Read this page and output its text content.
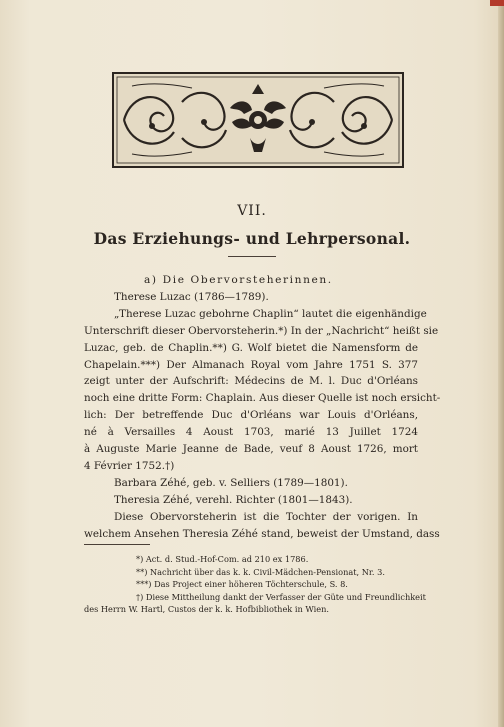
VII.
Das Erziehungs- und Lehrpersonal.
a) Die Obervorsteherinnen.
Therese Luzac (1786—1789).
„Therese Luzac gebohrne Chaplin“ lautet die eigenhändige
Unterschrift dieser Obervorsteherin.*) In der „Nachricht“ heißt sie
Luzac, geb. de Chaplin.**) G. Wolf bietet die Namensform de
Chapelain.***) Der Almanach Royal vom Jahre 1751 S. 377
zeigt unter der Aufschrift: Médecins de M. l. Duc d'Orléans
noch eine dritte Form: Chaplain. Aus dieser Quelle ist noch ersicht-
lich: Der betreffende Duc d'Orléans war Louis d'Orléans,
né à Versailles 4 Aoust 1703, marié 13 Juillet 1724
à Auguste Marie Jeanne de Bade, veuf 8 Aoust 1726, mort
4 Février 1752.†)
Barbara Zéhé, geb. v. Selliers (1789—1801).
Theresia Zéhé, verehl. Richter (1801—1843).
Diese Obervorsteherin ist die Tochter der vorigen. In
welchem Ansehen Theresia Zéhé stand, beweist der Umstand, dass
*) Act. d. Stud.-Hof-Com. ad 210 ex 1786.
**) Nachricht über das k. k. Civil-Mädchen-Pensionat, Nr. 3.
***) Das Project einer höheren Töchterschule, S. 8.
†) Diese Mittheilung dankt der Verfasser der Güte und Freundlichkeit
des Herrn W. Hartl, Custos der k. k. Hofbibliothek in Wien.
